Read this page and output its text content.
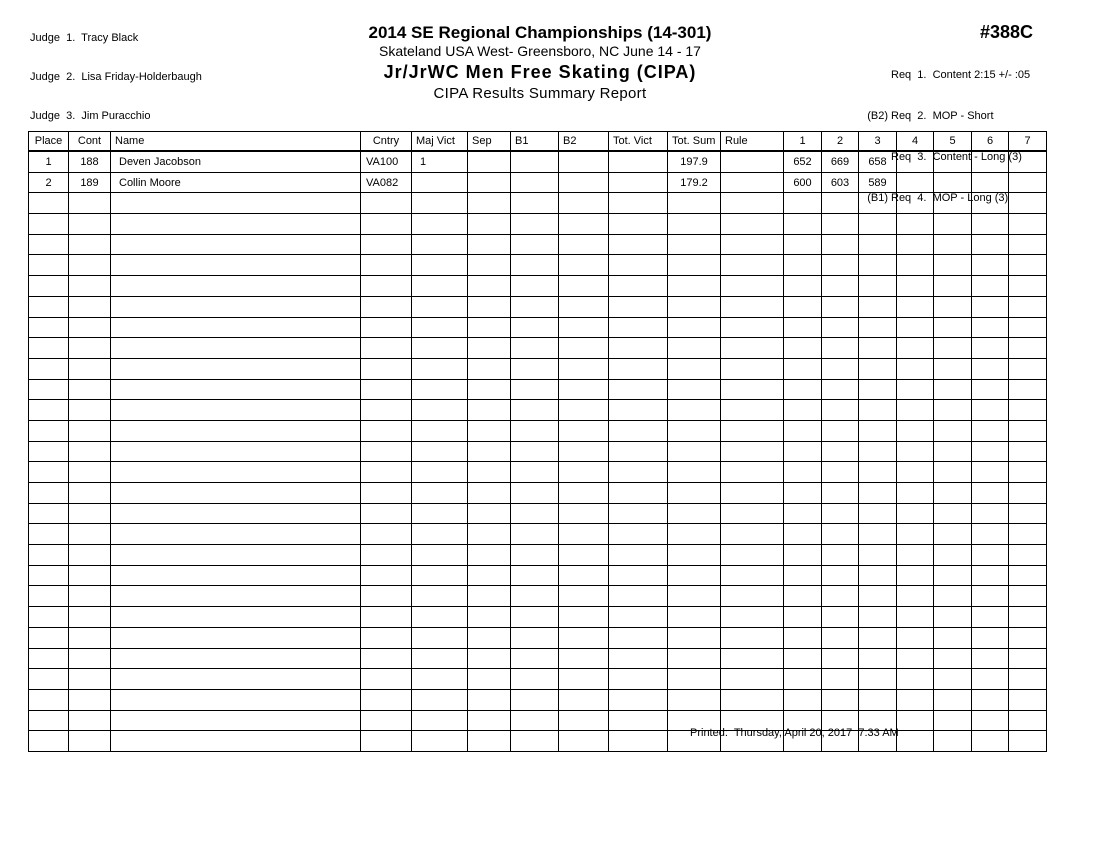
Judge  1.  Tracy Black

Judge  2.  Lisa Friday-Holderbaugh

Judge  3.  Jim Puracchio

2014 SE Regional Championships (14-301)
Skateland USA West- Greensboro, NC June 14 - 17
Jr/JrWC Men Free Skating (CIPA)
CIPA Results Summary Report
#388C

Req  1.  Content 2:15 +/- :05

(B2) Req  2.  MOP - Short

Req  3.  Content - Long (3)

(B1) Req  4.  MOP - Long (3)

Place	Cont	Name	Cntry	Maj Vict	Sep	B1	B2	Tot. Vict	Tot. Sum	Rule	1	2	3	4	5	6	7
1	188	Deven Jacobson	VA100	1					197.9		652	669	658				
2	189	Collin Moore	VA082						179.2		600	603	589				

Printed:  Thursday, April 20, 2017  7:33 AM
